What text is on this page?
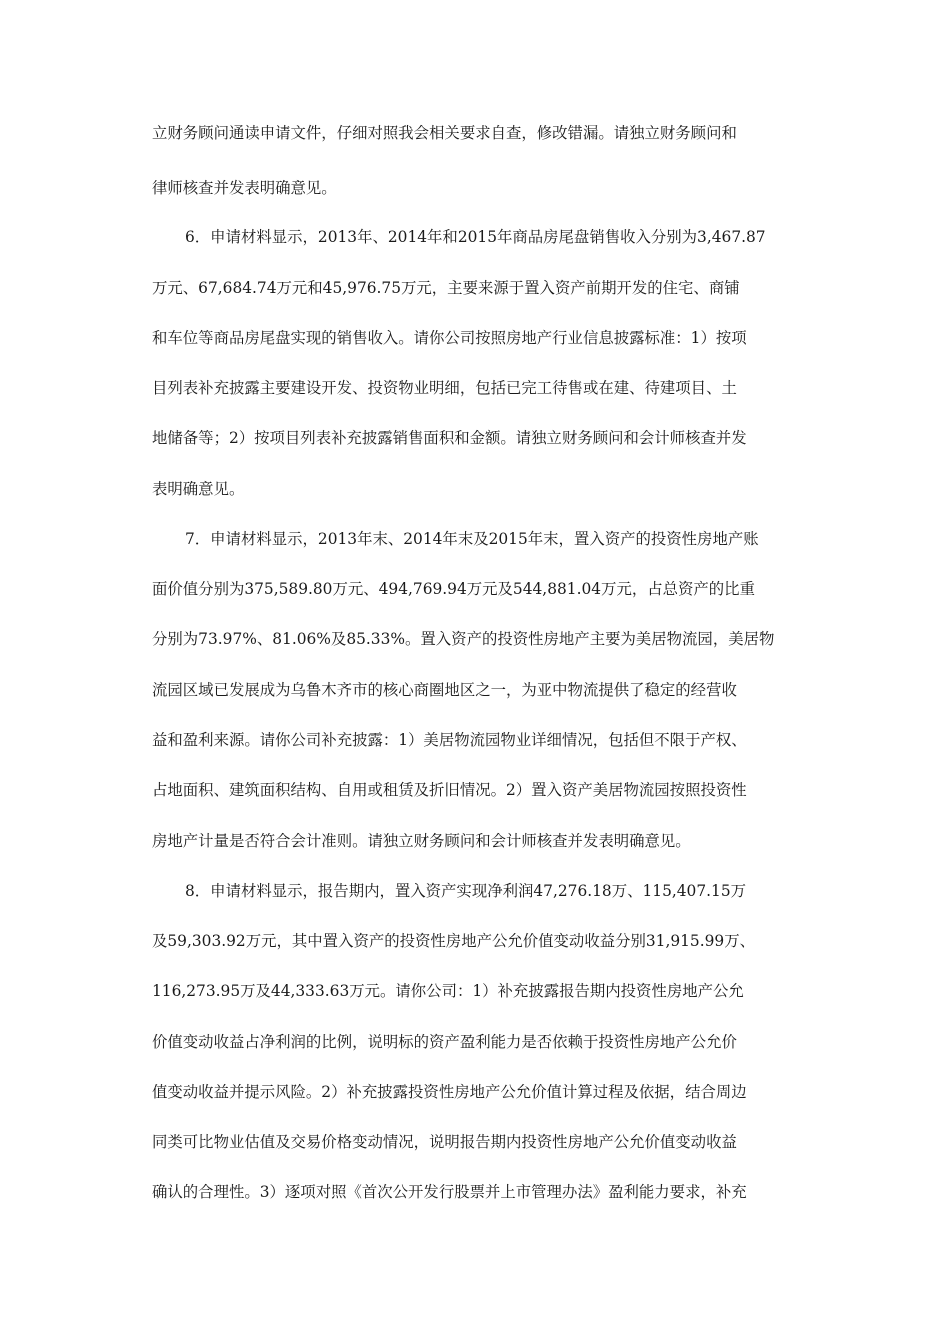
立财务顾问通读申请文件，仔细对照我会相关要求自查，修改错漏。请独立财务顾问和

律师核查并发表明确意见。

6．申请材料显示，2013年、2014年和2015年商品房尾盘销售收入分别为3,467.87

万元、67,684.74万元和45,976.75万元，主要来源于置入资产前期开发的住宅、商铺

和车位等商品房尾盘实现的销售收入。请你公司按照房地产行业信息披露标准：1）按项

目列表补充披露主要建设开发、投资物业明细，包括已完工待售或在建、待建项目、土

地储备等；2）按项目列表补充披露销售面积和金额。请独立财务顾问和会计师核查并发

表明确意见。

7．申请材料显示，2013年末、2014年末及2015年末，置入资产的投资性房地产账

面价值分别为375,589.80万元、494,769.94万元及544,881.04万元，占总资产的比重

分别为73.97%、81.06%及85.33%。置入资产的投资性房地产主要为美居物流园，美居物

流园区域已发展成为乌鲁木齐市的核心商圈地区之一，为亚中物流提供了稳定的经营收

益和盈利来源。请你公司补充披露：1）美居物流园物业详细情况，包括但不限于产权、

占地面积、建筑面积结构、自用或租赁及折旧情况。2）置入资产美居物流园按照投资性

房地产计量是否符合会计准则。请独立财务顾问和会计师核查并发表明确意见。

8．申请材料显示，报告期内，置入资产实现净利润47,276.18万、115,407.15万

及59,303.92万元，其中置入资产的投资性房地产公允价值变动收益分别31,915.99万、

116,273.95万及44,333.63万元。请你公司：1）补充披露报告期内投资性房地产公允

价值变动收益占净利润的比例，说明标的资产盈利能力是否依赖于投资性房地产公允价

值变动收益并提示风险。2）补充披露投资性房地产公允价值计算过程及依据，结合周边

同类可比物业估值及交易价格变动情况，说明报告期内投资性房地产公允价值变动收益

确认的合理性。3）逐项对照《首次公开发行股票并上市管理办法》盈利能力要求，补充
